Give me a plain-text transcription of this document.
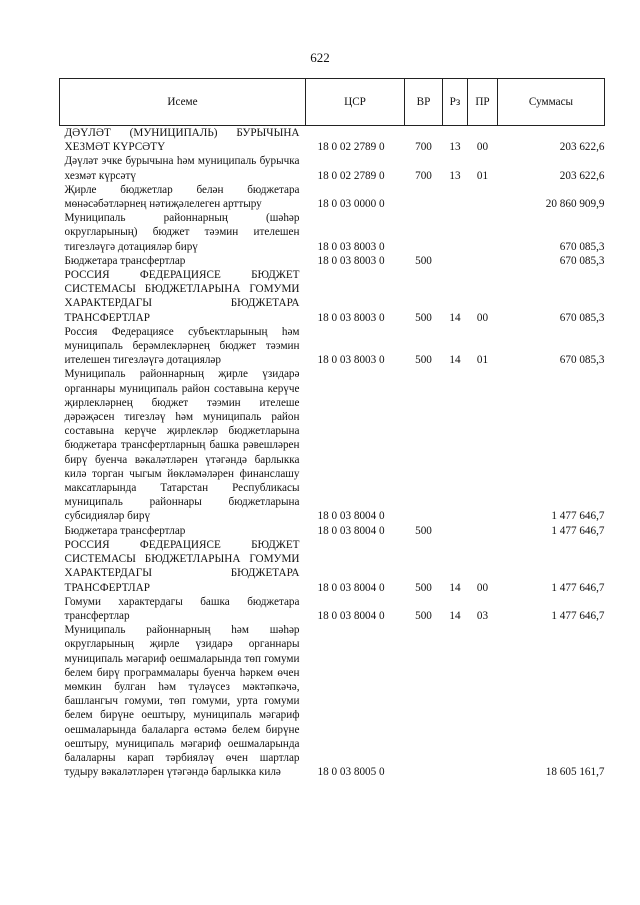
622
Исеме	ЦСР	ВР	Рз	ПР	Суммасы
ДӘҮЛӘТ (МУНИЦИПАЛЬ) БУРЫЧЫНА ХЕЗМӘТ КҮРСӘТҮ	18 0 02 2789 0	700	13	00	203 622,6
Дәүләт эчке бурычына һәм муниципаль бурычка хезмәт күрсәтү	18 0 02 2789 0	700	13	01	203 622,6
Җирле бюджетлар белән бюджетара мөнәсәбәтләрнең нәтиҗәлелеген арттыру	18 0 03 0000 0				20 860 909,9
Муниципаль районнарның (шәһәр округларының) бюджет тәэмин ителешен тигезләүгә дотацияләр бирү	18 0 03 8003 0				670 085,3
Бюджетара трансфертлар	18 0 03 8003 0	500			670 085,3
РОССИЯ ФЕДЕРАЦИЯСЕ БЮДЖЕТ СИСТЕМАСЫ БЮДЖЕТЛАРЫНА ГОМУМИ ХАРАКТЕРДАГЫ БЮДЖЕТАРА ТРАНСФЕРТЛАР	18 0 03 8003 0	500	14	00	670 085,3
Россия Федерациясе субъектларының һәм муниципаль берәмлекләрнең бюджет тәэмин ителешен тигезләүгә дотацияләр	18 0 03 8003 0	500	14	01	670 085,3
Муниципаль районнарның җирле үзидарә органнары муниципаль район составына керүче җирлекләрнең бюджет тәэмин ителеше дәрәҗәсен тигезләү һәм муниципаль район составына керүче җирлекләр бюджетларына бюджетара трансфертларның башка рәвешләрен бирү буенча вәкаләтләрен үтәгәндә барлыкка килә торган чыгым йөкләмәләрен финанслашу максатларында Татарстан Республикасы муниципаль районнары бюджетларына субсидияләр бирү	18 0 03 8004 0				1 477 646,7
Бюджетара трансфертлар	18 0 03 8004 0	500			1 477 646,7
РОССИЯ ФЕДЕРАЦИЯСЕ БЮДЖЕТ СИСТЕМАСЫ БЮДЖЕТЛАРЫНА ГОМУМИ ХАРАКТЕРДАГЫ БЮДЖЕТАРА ТРАНСФЕРТЛАР	18 0 03 8004 0	500	14	00	1 477 646,7
Гомуми характердагы башка бюджетара трансфертлар	18 0 03 8004 0	500	14	03	1 477 646,7
Муниципаль районнарның һәм шәһәр округларының җирле үзидарә органнары муниципаль мәгариф оешмаларында төп гомуми белем бирү программалары буенча һәркем өчен мөмкин булган һәм түләүсез мәктәпкәчә, башлангыч гомуми, төп гомуми, урта гомуми белем бирүне оештыру, муниципаль мәгариф оешмаларында балаларга өстәмә белем бирүне оештыру, муниципаль мәгариф оешмаларында балаларны карап тәрбияләү өчен шартлар тудыру вәкаләтләрен үтәгәндә барлыкка килә	18 0 03 8005 0				18 605 161,7
